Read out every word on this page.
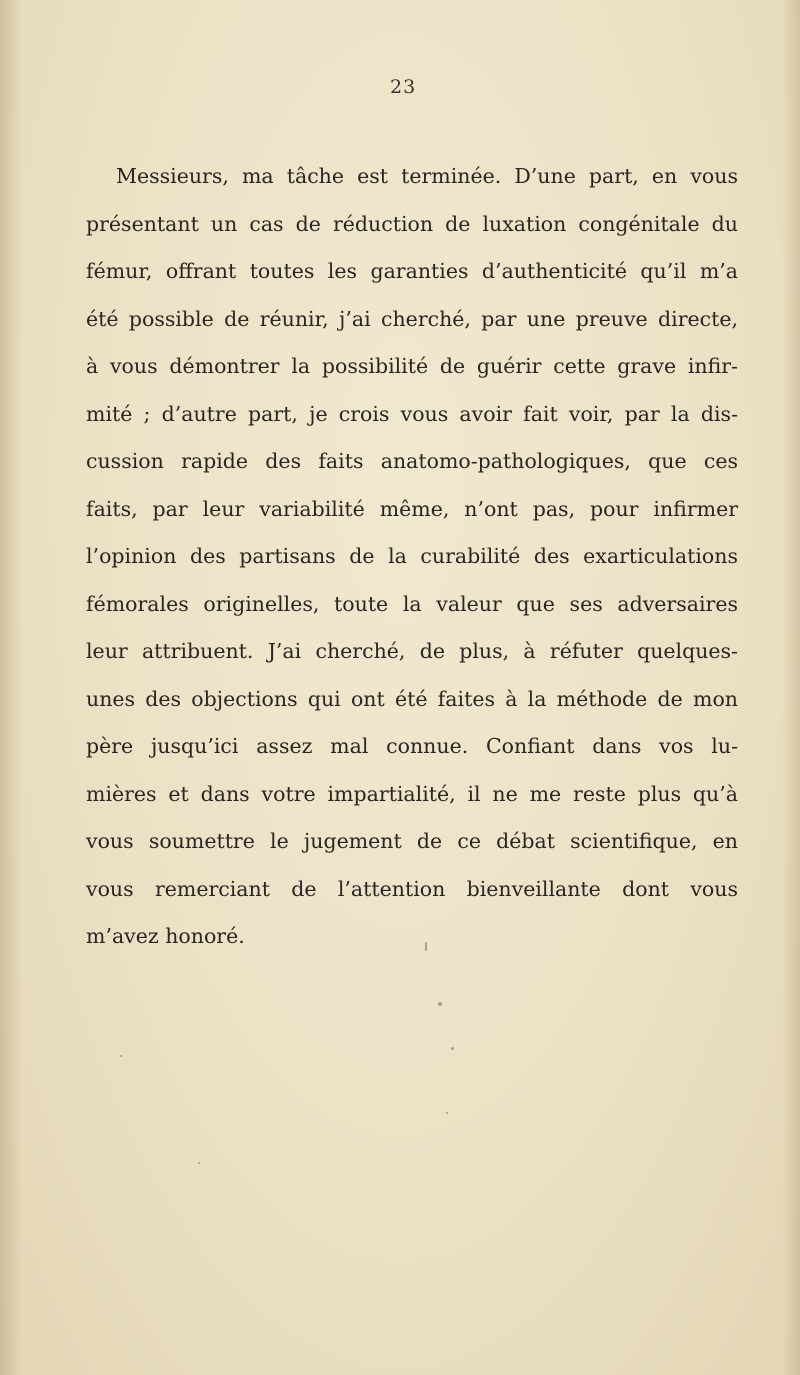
23
Messieurs, ma tâche est terminée. D’une part, en vous
présentant un cas de réduction de luxation congénitale du
fémur, offrant toutes les garanties d’authenticité qu’il m’a
été possible de réunir, j’ai cherché, par une preuve directe,
à vous démontrer la possibilité de guérir cette grave infir-
mité ; d’autre part, je crois vous avoir fait voir, par la dis-
cussion rapide des faits anatomo-pathologiques, que ces
faits, par leur variabilité même, n’ont pas, pour infirmer
l’opinion des partisans de la curabilité des exarticulations
fémorales originelles, toute la valeur que ses adversaires
leur attribuent. J’ai cherché, de plus, à réfuter quelques-
unes des objections qui ont été faites à la méthode de mon
père jusqu’ici assez mal connue. Confiant dans vos lu-
mières et dans votre impartialité, il ne me reste plus qu’à
vous soumettre le jugement de ce débat scientifique, en
vous remerciant de l’attention bienveillante dont vous
m’avez honoré.
